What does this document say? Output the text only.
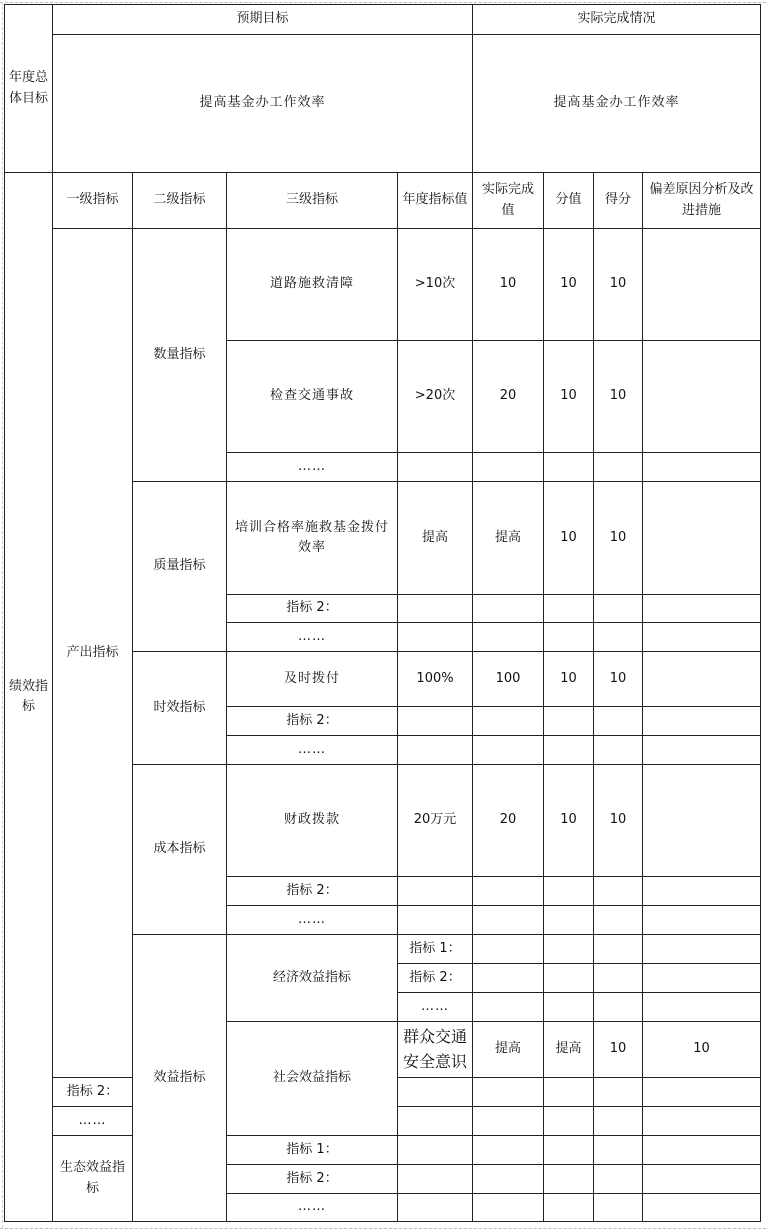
年度总体目标	预期目标				实际完成情况				
	提高基金办工作效率				提高基金办工作效率				
绩效指标	一级指标	二级指标	三级指标	年度指标值	实际完成值	分值	得分	偏差原因分析及改进措施	
	产出指标	数量指标	道路施救清障	>10次	10	10	10		
			检查交通事故	>20次	20	10	10		
			……						
		质量指标	培训合格率施救基金拨付效率	提高	提高	10	10		
			指标 2：						
			……						
		时效指标	及时拨付	100%	100	10	10		
			指标 2：						
			……						
		成本指标	财政拨款	20万元	20	10	10		
			指标 2：						
			……						
		效益指标	经济效益指标	指标 1：					
				指标 2：					
				……					
			社会效益指标	群众交通安全意识	提高	提高	10	10	
	指标 2：								
	……								
	生态效益指标		指标 1：						
			指标 2：						
			……						
